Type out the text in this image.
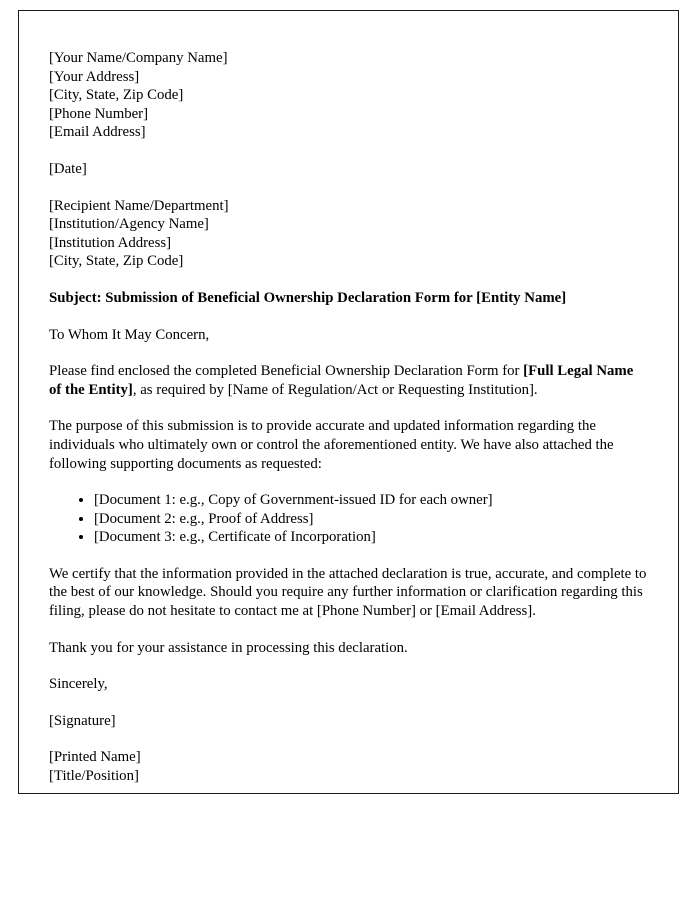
[Your Name/Company Name]
[Your Address]
[City, State, Zip Code]
[Phone Number]
[Email Address]
[Date]
[Recipient Name/Department]
[Institution/Agency Name]
[Institution Address]
[City, State, Zip Code]

Subject: Submission of Beneficial Ownership Declaration Form for [Entity Name]

To Whom It May Concern,

Please find enclosed the completed Beneficial Ownership Declaration Form for [Full Legal Name of the Entity], as required by [Name of Regulation/Act or Requesting Institution].

The purpose of this submission is to provide accurate and updated information regarding the individuals who ultimately own or control the aforementioned entity. We have also attached the following supporting documents as requested:

• [Document 1: e.g., Copy of Government-issued ID for each owner]
• [Document 2: e.g., Proof of Address]
• [Document 3: e.g., Certificate of Incorporation]

We certify that the information provided in the attached declaration is true, accurate, and complete to the best of our knowledge. Should you require any further information or clarification regarding this filing, please do not hesitate to contact me at [Phone Number] or [Email Address].

Thank you for your assistance in processing this declaration.

Sincerely,

[Signature]

[Printed Name]
[Title/Position]
